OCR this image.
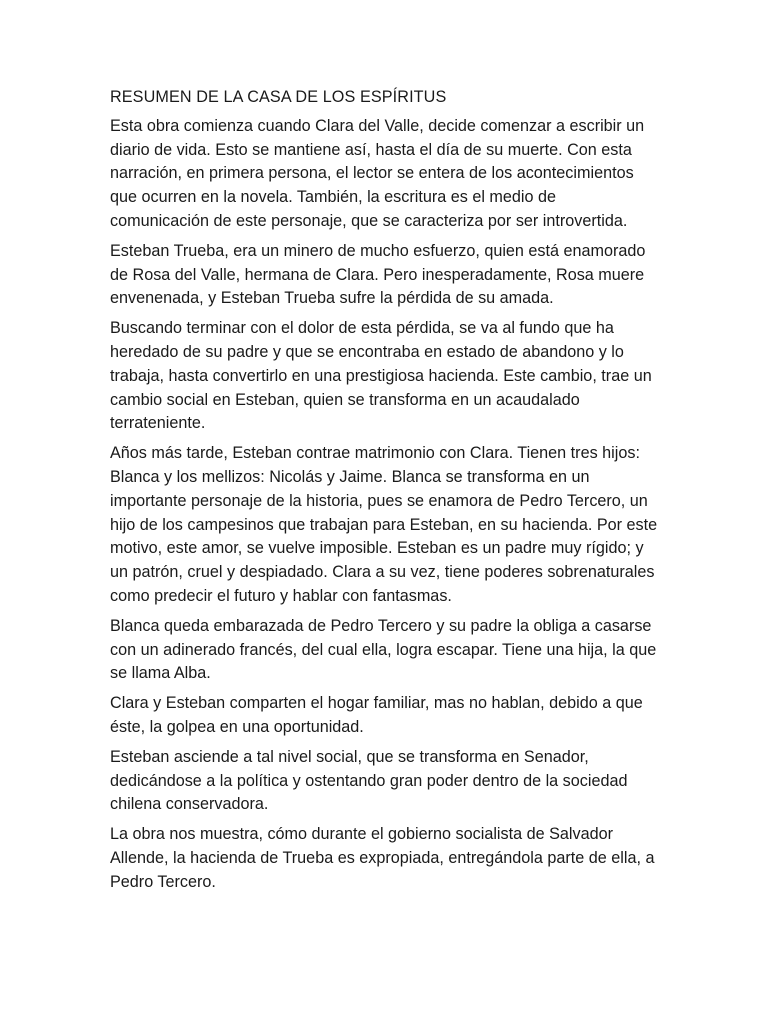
RESUMEN DE LA CASA DE LOS ESPÍRITUS

Esta obra comienza cuando Clara del Valle, decide comenzar a escribir un diario de vida. Esto se mantiene así, hasta el día de su muerte. Con esta narración, en primera persona, el lector se entera de los acontecimientos que ocurren en la novela. También, la escritura es el medio de comunicación de este personaje, que se caracteriza por ser introvertida.

Esteban Trueba, era un minero de mucho esfuerzo, quien está enamorado de Rosa del Valle, hermana de Clara. Pero inesperadamente, Rosa muere envenenada, y Esteban Trueba sufre la pérdida de su amada.

Buscando terminar con el dolor de esta pérdida, se va al fundo que ha heredado de su padre y que se encontraba en estado de abandono y lo trabaja, hasta convertirlo en una prestigiosa hacienda. Este cambio, trae un cambio social en Esteban, quien se transforma en un acaudalado terrateniente.

Años más tarde, Esteban contrae matrimonio con Clara. Tienen tres hijos: Blanca y los mellizos: Nicolás y Jaime. Blanca se transforma en un importante personaje de la historia, pues se enamora de Pedro Tercero, un hijo de los campesinos que trabajan para Esteban, en su hacienda. Por este motivo, este amor, se vuelve imposible. Esteban es un padre muy rígido; y un patrón, cruel y despiadado. Clara a su vez, tiene poderes sobrenaturales como predecir el futuro y hablar con fantasmas.

Blanca queda embarazada de Pedro Tercero y su padre la obliga a casarse con un adinerado francés, del cual ella, logra escapar. Tiene una hija, la que se llama Alba.

Clara y Esteban comparten el hogar familiar, mas no hablan, debido a que éste, la golpea en una oportunidad.

Esteban asciende a tal nivel social, que se transforma en Senador, dedicándose a la política y ostentando gran poder dentro de la sociedad chilena conservadora.

La obra nos muestra, cómo durante el gobierno socialista de Salvador Allende, la hacienda de Trueba es expropiada, entregándola parte de ella, a Pedro Tercero.
